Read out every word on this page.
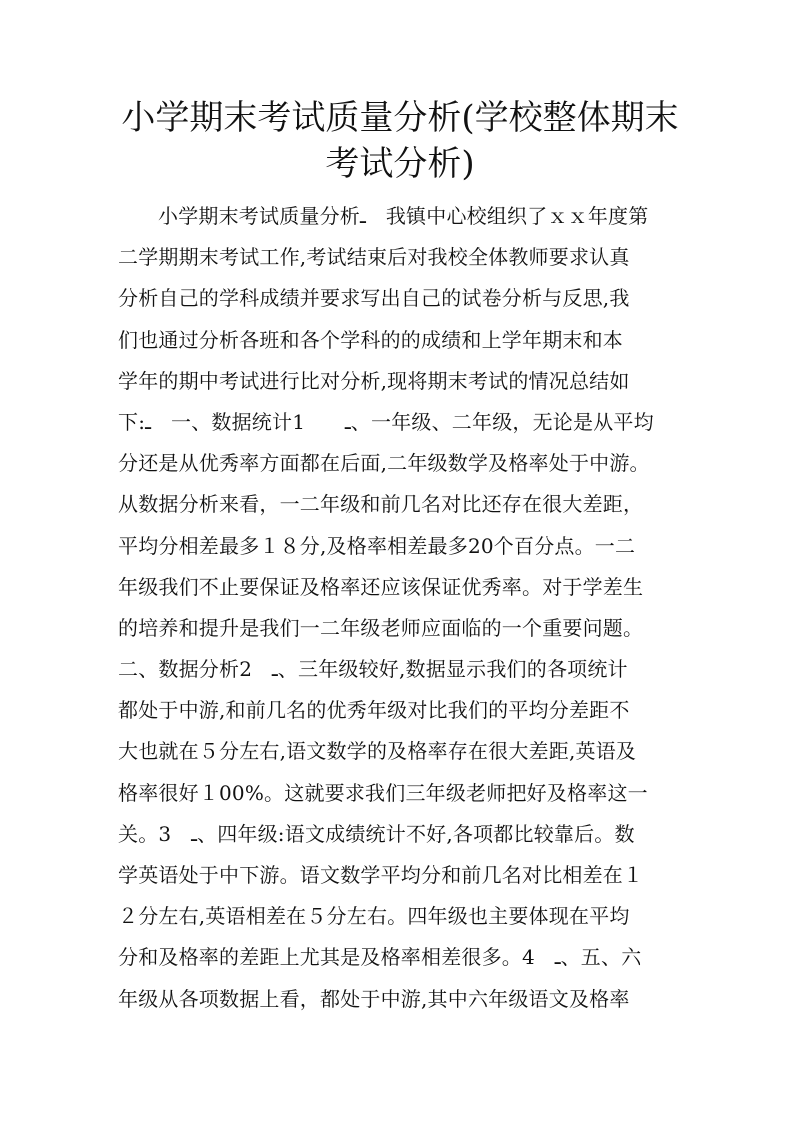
小学期末考试质量分析(学校整体期末
考试分析)
小学期末考试质量分析ـ　我镇中心校组织了ｘｘ年度第
二学期期末考试工作,考试结束后对我校全体教师要求认真
分析自己的学科成绩并要求写出自己的试卷分析与反思,我
们也通过分析各班和各个学科的的成绩和上学年期末和本
学年的期中考试进行比对分析,现将期末考试的情况总结如
下:ـ　一、数据统计ـ　　1、一年级、二年级，无论是从平均
分还是从优秀率方面都在后面,二年级数学及格率处于中游。
从数据分析来看，一二年级和前几名对比还存在很大差距，
平均分相差最多１８分,及格率相差最多20个百分点。一二
年级我们不止要保证及格率还应该保证优秀率。对于学差生
的培养和提升是我们一二年级老师应面临的一个重要问题。
二、数据分析ـ　2、三年级较好,数据显示我们的各项统计
都处于中游,和前几名的优秀年级对比我们的平均分差距不
大也就在５分左右,语文数学的及格率存在很大差距,英语及
格率很好１00%。这就要求我们三年级老师把好及格率这一
关。ـ　3、四年级:语文成绩统计不好,各项都比较靠后。数
学英语处于中下游。语文数学平均分和前几名对比相差在１
２分左右,英语相差在５分左右。四年级也主要体现在平均
分和及格率的差距上尤其是及格率相差很多。ـ　4、五、六
年级从各项数据上看，都处于中游,其中六年级语文及格率
